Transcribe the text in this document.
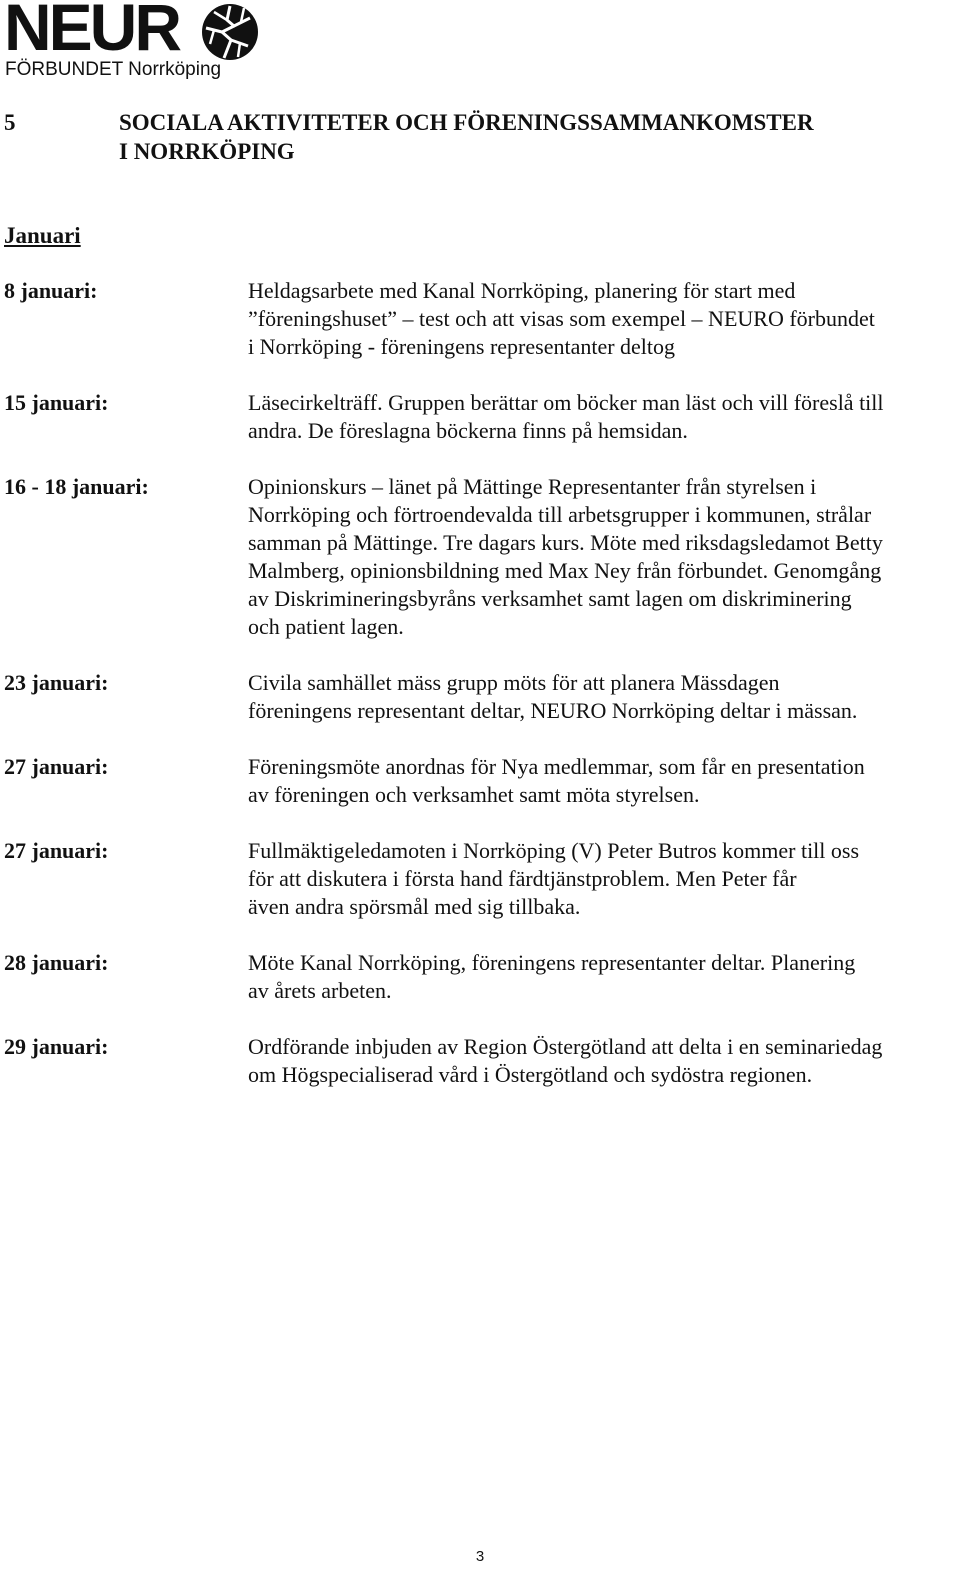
NEUR
FÖRBUNDET Norrköping
5	SOCIALA AKTIVITETER OCH FÖRENINGSSAMMANKOMSTER
I NORRKÖPING
Januari
8 januari:	Heldagsarbete med Kanal Norrköping, planering för start med
”föreningshuset” – test och att visas som exempel – NEURO förbundet
i Norrköping - föreningens representanter deltog
15 januari:	Läsecirkelträff. Gruppen berättar om böcker man läst och vill föreslå till
andra. De föreslagna böckerna finns på hemsidan.
16 - 18 januari:	Opinionskurs – länet på Mättinge Representanter från styrelsen i
Norrköping och förtroendevalda till arbetsgrupper i kommunen, strålar
samman på Mättinge. Tre dagars kurs. Möte med riksdagsledamot Betty
Malmberg, opinionsbildning med Max Ney från förbundet. Genomgång
av Diskrimineringsbyråns verksamhet samt lagen om diskriminering
och patient lagen.
23 januari:	Civila samhället mäss grupp möts för att planera Mässdagen
föreningens representant deltar, NEURO Norrköping deltar i mässan.
27 januari:	Föreningsmöte anordnas för Nya medlemmar, som får en presentation
av föreningen och verksamhet samt möta styrelsen.
27 januari:	Fullmäktigeledamoten i Norrköping (V) Peter Butros kommer till oss
för att diskutera i första hand färdtjänstproblem. Men Peter får
även andra spörsmål med sig tillbaka.
28 januari:	Möte Kanal Norrköping, föreningens representanter deltar. Planering
av årets arbeten.
29 januari:	Ordförande inbjuden av Region Östergötland att delta i en seminariedag
om Högspecialiserad vård i Östergötland och sydöstra regionen.
3
